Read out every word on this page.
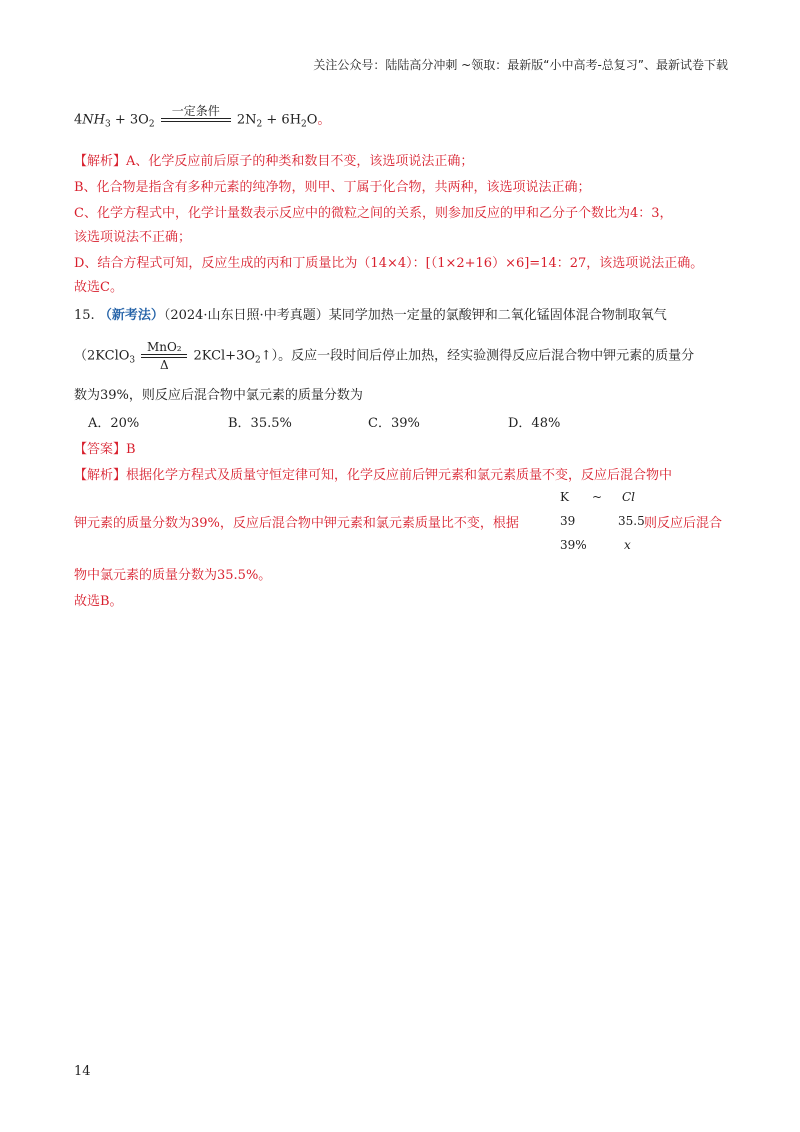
关注公众号：陆陆高分冲刺 ~领取：最新版“小中高考-总复习”、最新试卷下载
$4NH_3 + 3O_2$
一定条件
$2N_2 + 6H_2O$。
【解析】A、化学反应前后原子的种类和数目不变，该选项说法正确；
B、化合物是指含有多种元素的纯净物，则甲、丁属于化合物，共两种，该选项说法正确；
C、化学方程式中，化学计量数表示反应中的微粒之间的关系，则参加反应的甲和乙分子个数比为4：3，
该选项说法不正确；
D、结合方程式可知，反应生成的丙和丁质量比为（14×4）：[（1×2+16）×6]=14：27，该选项说法正确。
故选C。
15. （新考法）（2024·山东日照·中考真题）某同学加热一定量的氯酸钾和二氧化锰固体混合物制取氧气
（2KClO$_3$
MnO₂
Δ
$2KCl+3O_2↑$）。反应一段时间后停止加热，经实验测得反应后混合物中钾元素的质量分
数为39%，则反应后混合物中氯元素的质量分数为
A．20%	B．35.5%	C．39%	D．48%
【答案】B
【解析】根据化学方程式及质量守恒定律可知，化学反应前后钾元素和氯元素质量不变，反应后混合物中
K ~ Cl
钾元素的质量分数为39%，反应后混合物中钾元素和氯元素质量比不变，根据	39	35.5 则反应后混合
39%	x
物中氯元素的质量分数为35.5%。
故选B。
14
